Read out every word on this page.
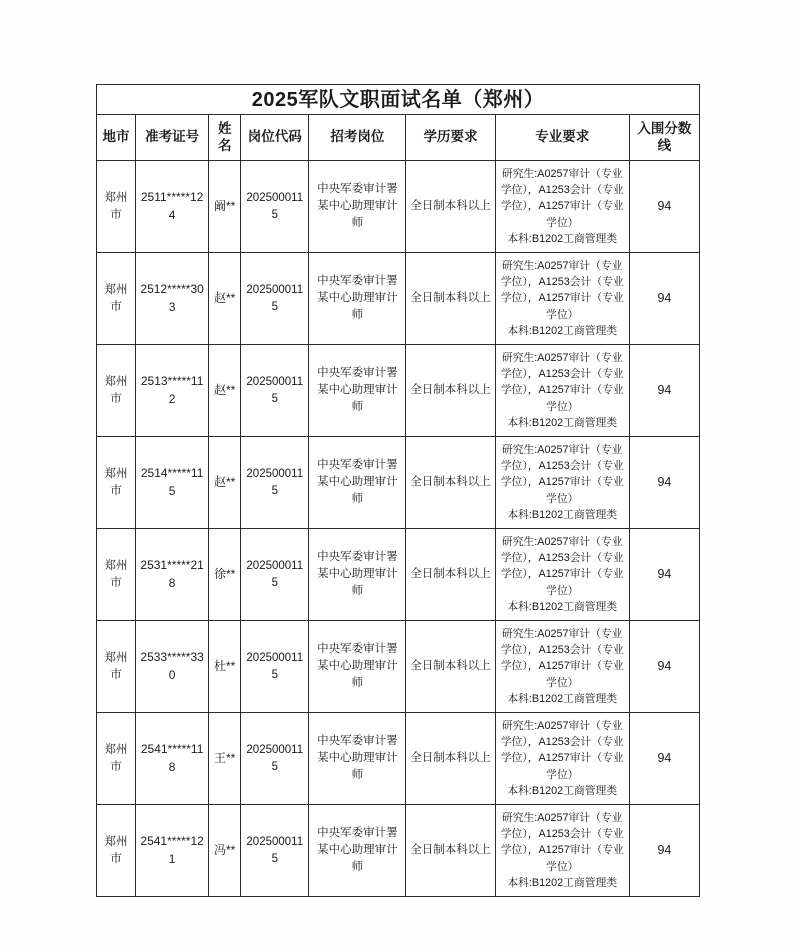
2025军队文职面试名单（郑州）							
地市	准考证号	姓名	岗位代码	招考岗位	学历要求	专业要求	入围分数线
郑州市	2511*****124	阚**	2025000115	中央军委审计署某中心助理审计师	全日制本科以上	研究生:A0257审计（专业学位），A1253会计（专业学位），A1257审计（专业学位）
本科:B1202工商管理类	94
郑州市	2512*****303	赵**	2025000115	中央军委审计署某中心助理审计师	全日制本科以上	研究生:A0257审计（专业学位），A1253会计（专业学位），A1257审计（专业学位）
本科:B1202工商管理类	94
郑州市	2513*****112	赵**	2025000115	中央军委审计署某中心助理审计师	全日制本科以上	研究生:A0257审计（专业学位），A1253会计（专业学位），A1257审计（专业学位）
本科:B1202工商管理类	94
郑州市	2514*****115	赵**	2025000115	中央军委审计署某中心助理审计师	全日制本科以上	研究生:A0257审计（专业学位），A1253会计（专业学位），A1257审计（专业学位）
本科:B1202工商管理类	94
郑州市	2531*****218	徐**	2025000115	中央军委审计署某中心助理审计师	全日制本科以上	研究生:A0257审计（专业学位），A1253会计（专业学位），A1257审计（专业学位）
本科:B1202工商管理类	94
郑州市	2533*****330	杜**	2025000115	中央军委审计署某中心助理审计师	全日制本科以上	研究生:A0257审计（专业学位），A1253会计（专业学位），A1257审计（专业学位）
本科:B1202工商管理类	94
郑州市	2541*****118	王**	2025000115	中央军委审计署某中心助理审计师	全日制本科以上	研究生:A0257审计（专业学位），A1253会计（专业学位），A1257审计（专业学位）
本科:B1202工商管理类	94
郑州市	2541*****121	冯**	2025000115	中央军委审计署某中心助理审计师	全日制本科以上	研究生:A0257审计（专业学位），A1253会计（专业学位），A1257审计（专业学位）
本科:B1202工商管理类	94
